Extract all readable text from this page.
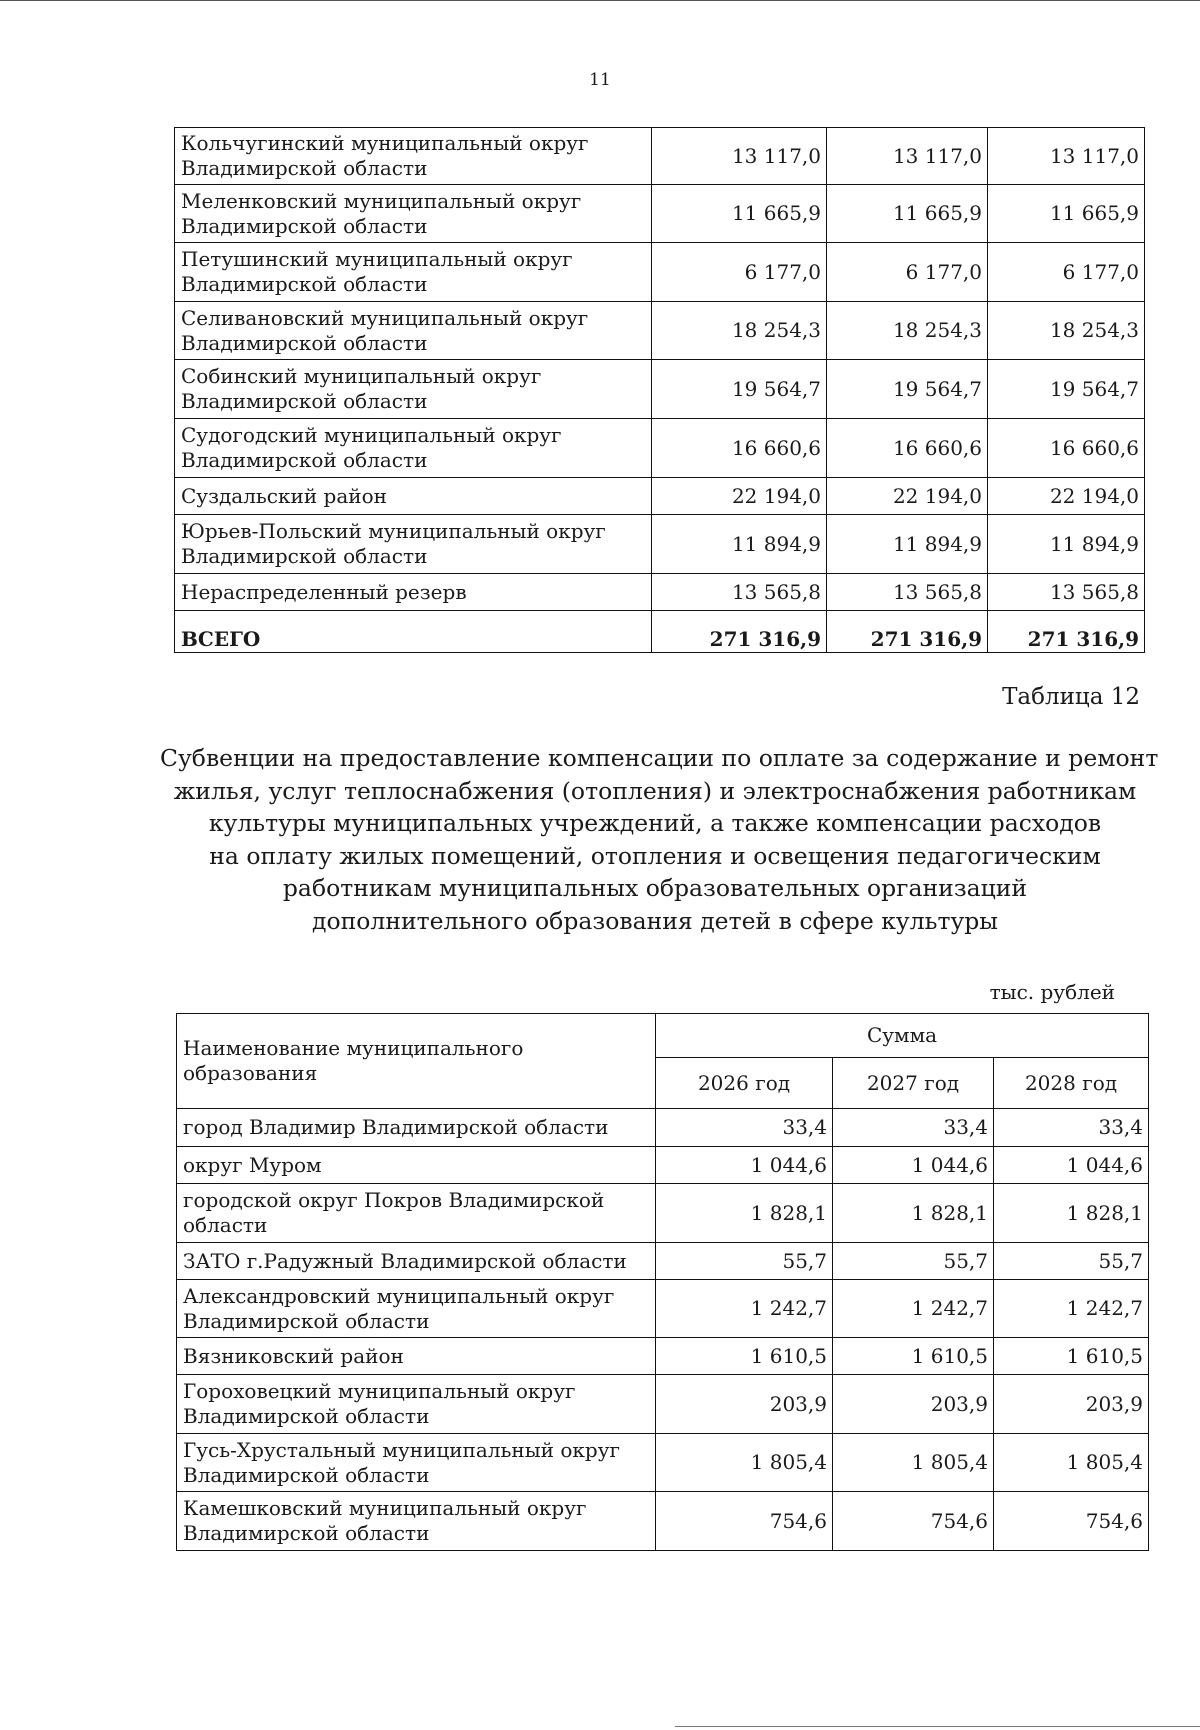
11
Кольчугинский муниципальный округ Владимирской области	13 117,0	13 117,0	13 117,0
Меленковский муниципальный округ Владимирской области	11 665,9	11 665,9	11 665,9
Петушинский муниципальный округ Владимирской области	6 177,0	6 177,0	6 177,0
Селивановский муниципальный округ Владимирской области	18 254,3	18 254,3	18 254,3
Собинский муниципальный округ Владимирской области	19 564,7	19 564,7	19 564,7
Судогодский муниципальный округ Владимирской области	16 660,6	16 660,6	16 660,6
Суздальский район	22 194,0	22 194,0	22 194,0
Юрьев-Польский муниципальный округ Владимирской области	11 894,9	11 894,9	11 894,9
Нераспределенный резерв	13 565,8	13 565,8	13 565,8
ВСЕГО	271 316,9	271 316,9	271 316,9
Таблица 12
Субвенции на предоставление компенсации по оплате за содержание и ремонт
жилья, услуг теплоснабжения (отопления) и электроснабжения работникам
культуры муниципальных учреждений, а также компенсации расходов
на оплату жилых помещений, отопления и освещения педагогическим
работникам муниципальных образовательных организаций
дополнительного образования детей в сфере культуры
тыс. рублей
Наименование муниципального образования	Сумма		
	2026 год	2027 год	2028 год
город Владимир Владимирской области	33,4	33,4	33,4
округ Муром	1 044,6	1 044,6	1 044,6
городской округ Покров Владимирской области	1 828,1	1 828,1	1 828,1
ЗАТО г.Радужный Владимирской области	55,7	55,7	55,7
Александровский муниципальный округ Владимирской области	1 242,7	1 242,7	1 242,7
Вязниковский район	1 610,5	1 610,5	1 610,5
Гороховецкий муниципальный округ Владимирской области	203,9	203,9	203,9
Гусь-Хрустальный муниципальный округ Владимирской области	1 805,4	1 805,4	1 805,4
Камешковский муниципальный округ Владимирской области	754,6	754,6	754,6
